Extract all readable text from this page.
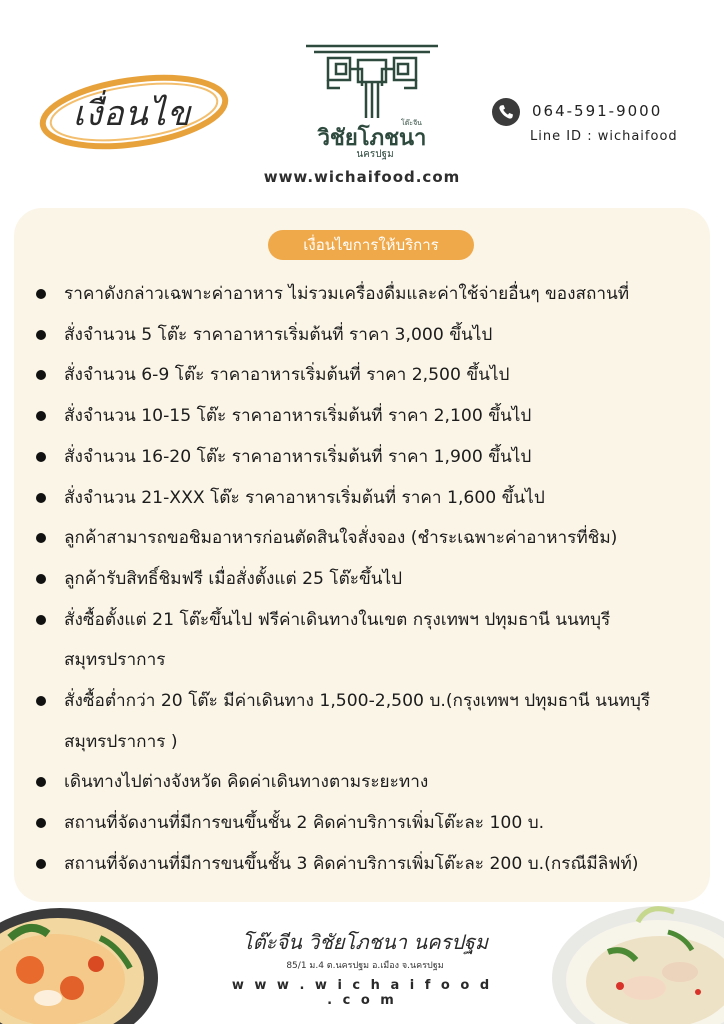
เงื่อนไข
วิชัยโภชนา
โต๊ะจีน
นครปฐม
www.wichaifood.com
064-591-9000
Line ID : wichaifood
เงื่อนไขการให้บริการ
ราคาดังกล่าวเฉพาะค่าอาหาร ไม่รวมเครื่องดื่มและค่าใช้จ่ายอื่นๆ ของสถานที่
สั่งจำนวน 5 โต๊ะ ราคาอาหารเริ่มต้นที่ ราคา 3,000 ขึ้นไป
สั่งจำนวน 6-9 โต๊ะ ราคาอาหารเริ่มต้นที่ ราคา 2,500 ขึ้นไป
สั่งจำนวน 10-15 โต๊ะ ราคาอาหารเริ่มต้นที่ ราคา 2,100 ขึ้นไป
สั่งจำนวน 16-20 โต๊ะ ราคาอาหารเริ่มต้นที่ ราคา 1,900 ขึ้นไป
สั่งจำนวน 21-XXX โต๊ะ ราคาอาหารเริ่มต้นที่ ราคา 1,600 ขึ้นไป
ลูกค้าสามารถขอชิมอาหารก่อนตัดสินใจสั่งจอง (ชำระเฉพาะค่าอาหารที่ชิม)
ลูกค้ารับสิทธิ์ชิมฟรี เมื่อสั่งตั้งแต่ 25 โต๊ะขึ้นไป
สั่งซื้อตั้งแต่ 21 โต๊ะขึ้นไป ฟรีค่าเดินทางในเขต กรุงเทพฯ ปทุมธานี นนทบุรี
สมุทรปราการ
สั่งซื้อต่ำกว่า 20 โต๊ะ มีค่าเดินทาง 1,500-2,500 บ.(กรุงเทพฯ ปทุมธานี นนทบุรี
สมุทรปราการ )
เดินทางไปต่างจังหวัด คิดค่าเดินทางตามระยะทาง
สถานที่จัดงานที่มีการขนขึ้นชั้น 2 คิดค่าบริการเพิ่มโต๊ะละ 100 บ.
สถานที่จัดงานที่มีการขนขึ้นชั้น 3 คิดค่าบริการเพิ่มโต๊ะละ 200 บ.(กรณีมีลิฟท์)
โต๊ะจีน วิชัยโภชนา นครปฐม
85/1 ม.4 ต.นครปฐม อ.เมือง จ.นครปฐม
w w w . w i c h a i f o o d . c o m
